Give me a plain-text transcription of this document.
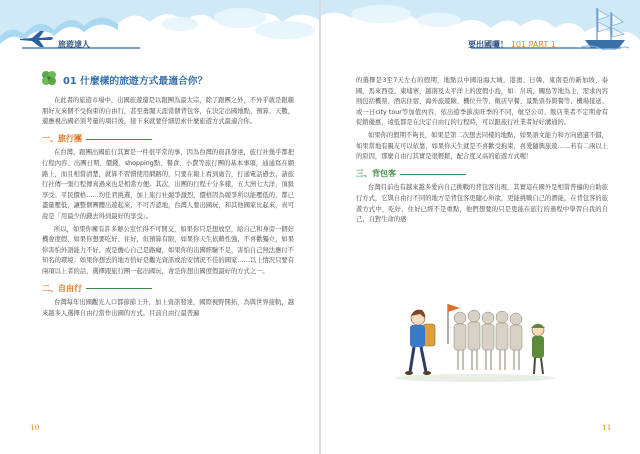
旅遊達人	要出國囉！ 101 PART 1
01 什麼樣的旅遊方式最適合你？

在此書的旅遊市場中，出國旅遊還是以跟團為最大宗，除了跟團之外，不外乎就是跟親朋好友來個不受拘束的自由行，甚至勇闖天涯當個背包客，在決定出國地點、預算、天數，還應視出國必須考量的項目後，接下來就要仔細思索什麼旅遊方式最適合你。

一、旅行團

在台灣，跟團出國旅行其實是一件很平常的事，因為台灣的資訊發達，旅行社幾乎都把行程內容、出團日期、價錢、shopping點、餐食、小費等旅行團的基本事項，通通寫在網路上，而且相當清楚，就算不習慣使用網路的，只要在報上看到廣告，打通電話過去，請旅行社傳一張行程傳真過來也是相當方便。其次，出團的行程十分多樣，五大洲七大洋，頂級享受、平民價格……均任君挑選，加上旅行社競爭激烈，價格因為競爭所以能壓低的，都已盡量壓低，讓整個團體出遊起來，不可否認地，台灣人要出國玩，和其他國家比起來，真可說是「用最少的錢去得到最好的享受」。

所以，如果你擁有許多辦公室忙得不可開交，如果你只是想放空，給自己和身旁一個好機會度假，如果你想要吃好、住好，但預算有限，如果你天生依賴性強，不喜歡獨立，如果你害怕外語能力不好，或是擔心自己是路癡，如果你的出國經驗不足，害怕自己無法應付不知名的環境；如果你想去的地方恰好是觀光資訊或治安情況不佳的國家……以上情況只要有兩項以上者的話，選擇跟旅行團一起出國玩，會是你想出國度假最好的方式之一。

二、自由行

台灣每年出國觀光人口都節節上升，加上資訊發達，國際視野開拓，為與世界接軌，越來越多人選擇自由行當作出國的方式。目前自由行最普遍

的選擇是3至7天左右的假期，地點以中國沿海大城、港澳、日韓、東南亞的新加坡、泰國，馬來西亞、柬埔寨，越南及太平洋上的度假小島，如：帛琉、關島等地為主，需求內容則包括機票、酒店住宿、海外旅遊險、機位升等、飯店早餐、景點票券與餐等、機場接送、或一日city tour等加值內容，依出遊季節淡旺季的不同，航空公司、飯店業者不定期會有促銷優惠，遠低都是在決定自由行的行程時，可以跟旅行社業者好好溝通的。

如果你的假期不夠長，如果是第二次想去同樣的地點，如果語文能力和方向感還不錯，如果當地有親友可以依靠，如果你天生就是不喜歡受拘束，喜愛隨興旅遊……若有二兩以上的原因，那麼自由行其實是很輕鬆，配合度又高的旅遊方式喔！

三、背包客

台灣目前也有越來越多愛向自己挑戰的背包客出現，其實這在國外是相當普遍的自助旅行方式，它與自由行不同的地方是背包客更隨心所欲，更能挑戰自己的潛能，在背包客的旅遊方式中，吃好、住好已經不是重點，他們想要的只是更能在旅行的過程中學習自我的自己，自對生命的感

10	11
